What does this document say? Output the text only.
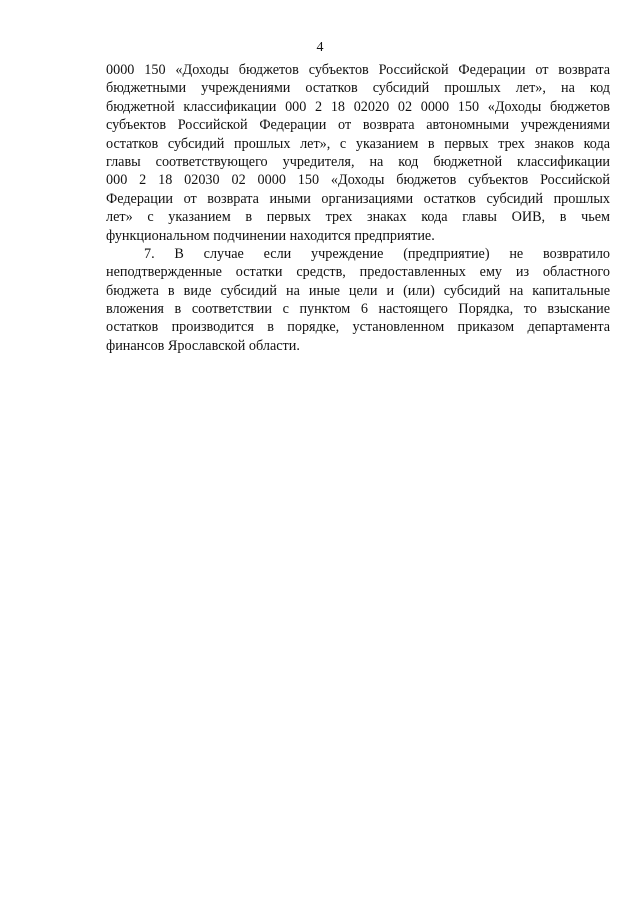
4
0000 150 «Доходы бюджетов субъектов Российской Федерации от возврата
бюджетными учреждениями остатков субсидий прошлых лет», на код
бюджетной классификации 000 2 18 02020 02 0000 150 «Доходы бюджетов
субъектов Российской Федерации от возврата автономными учреждениями
остатков субсидий прошлых лет», с указанием в первых трех знаков кода
главы соответствующего учредителя, на код бюджетной классификации
000 2 18 02030 02 0000 150 «Доходы бюджетов субъектов Российской
Федерации от возврата иными организациями остатков субсидий прошлых
лет» с указанием в первых трех знаках кода главы ОИВ, в чьем
функциональном подчинении находится предприятие.
7. В случае если учреждение (предприятие) не возвратило
неподтвержденные остатки средств, предоставленных ему из областного
бюджета в виде субсидий на иные цели и (или) субсидий на капитальные
вложения в соответствии с пунктом 6 настоящего Порядка, то взыскание
остатков производится в порядке, установленном приказом департамента
финансов Ярославской области.
